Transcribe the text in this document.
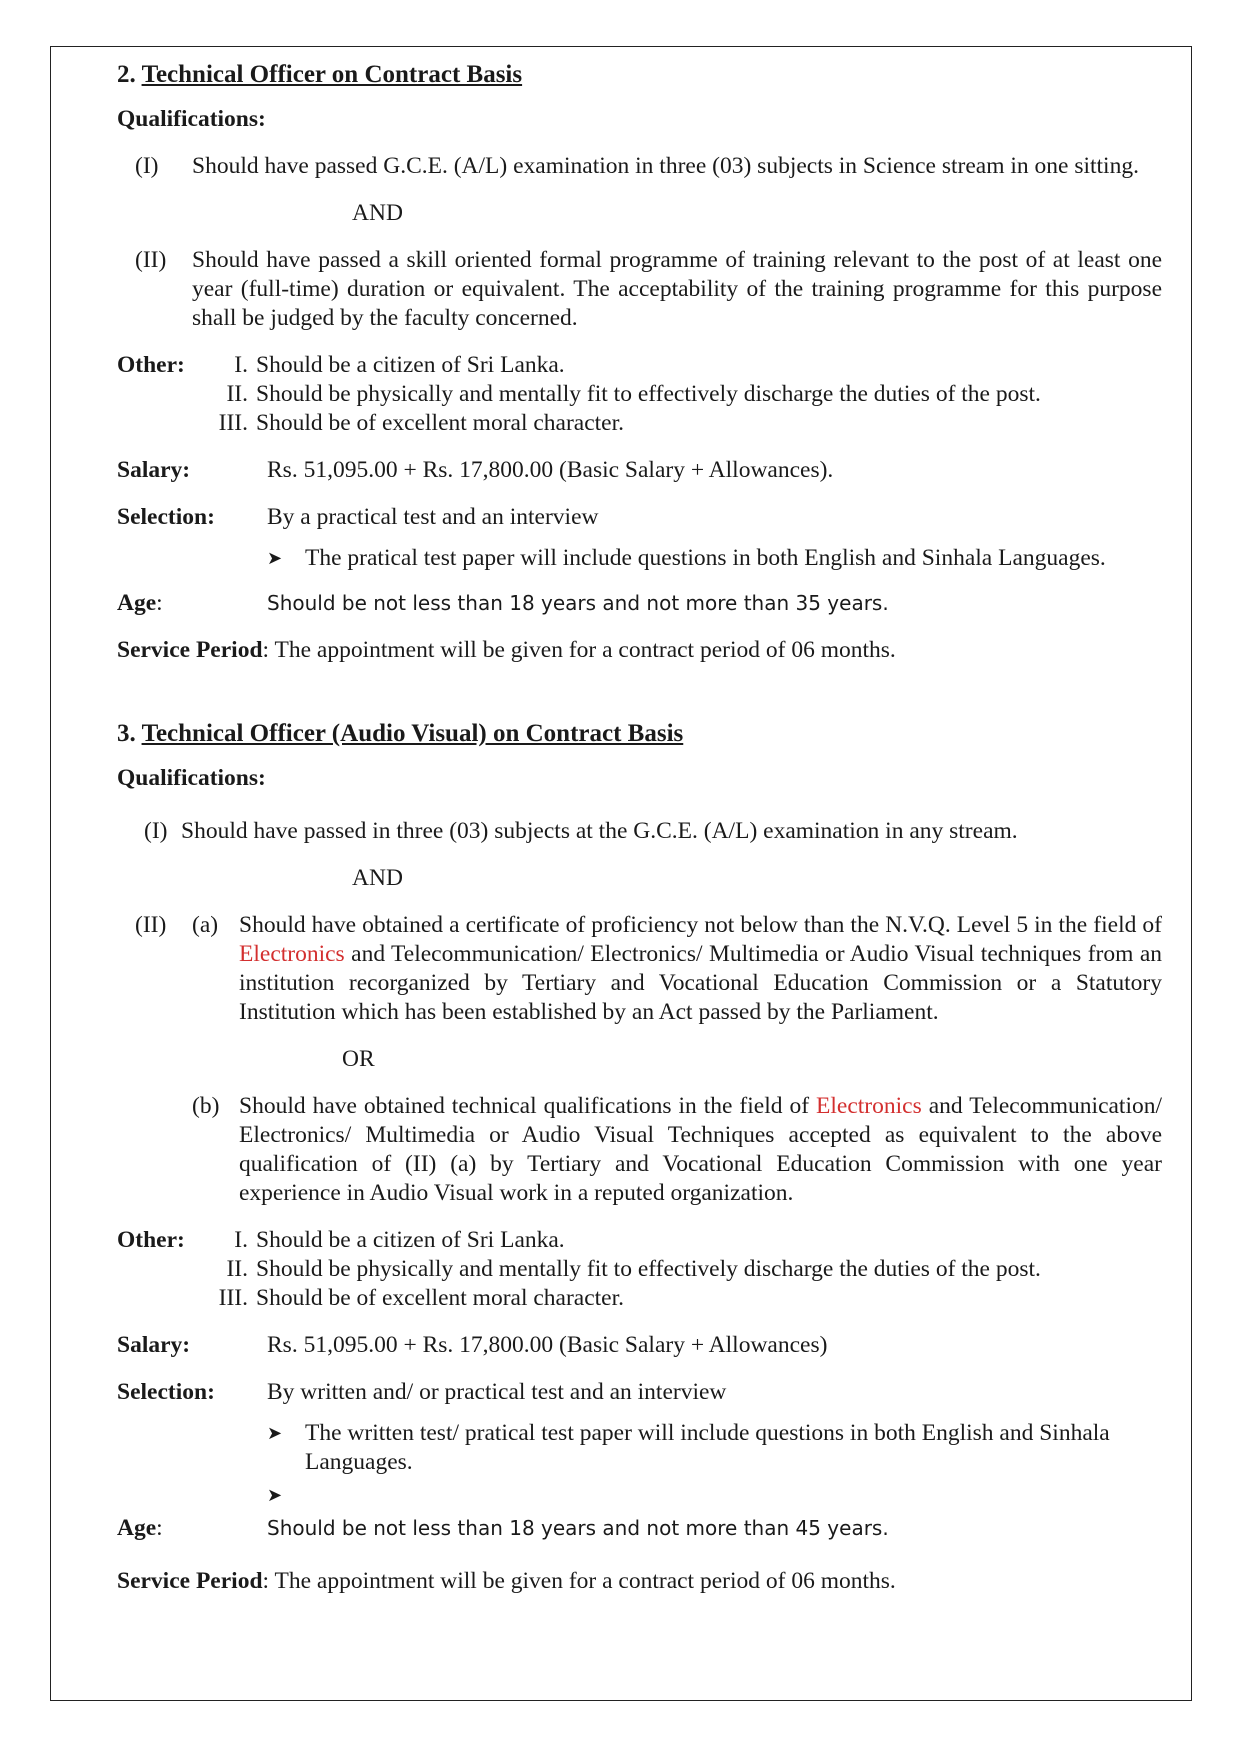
2. Technical Officer on Contract Basis
Qualifications:
(I)	Should have passed G.C.E. (A/L) examination in three (03) subjects in Science stream in one sitting.
AND
(II)	Should have passed a skill oriented formal programme of training relevant to the post of at least one year (full-time) duration or equivalent. The acceptability of the training programme for this purpose shall be judged by the faculty concerned.
Other:	I. Should be a citizen of Sri Lanka.
II. Should be physically and mentally fit to effectively discharge the duties of the post.
III. Should be of excellent moral character.
Salary:	Rs. 51,095.00 + Rs. 17,800.00 (Basic Salary + Allowances).
Selection:	By a practical test and an interview
➤ The pratical test paper will include questions in both English and Sinhala Languages.
Age:	Should be not less than 18 years and not more than 35 years.
Service Period: The appointment will be given for a contract period of 06 months.
3. Technical Officer (Audio Visual) on Contract Basis
Qualifications:
(I) Should have passed in three (03) subjects at the G.C.E. (A/L) examination in any stream.
AND
(II)	(a) Should have obtained a certificate of proficiency not below than the N.V.Q. Level 5 in the field of Electronics and Telecommunication/ Electronics/ Multimedia or Audio Visual techniques from an institution recorganized by Tertiary and Vocational Education Commission or a Statutory Institution which has been established by an Act passed by the Parliament.
OR
(b) Should have obtained technical qualifications in the field of Electronics and Telecommunication/ Electronics/ Multimedia or Audio Visual Techniques accepted as equivalent to the above qualification of (II) (a) by Tertiary and Vocational Education Commission with one year experience in Audio Visual work in a reputed organization.
Other:	I. Should be a citizen of Sri Lanka.
II. Should be physically and mentally fit to effectively discharge the duties of the post.
III. Should be of excellent moral character.
Salary:	Rs. 51,095.00 + Rs. 17,800.00 (Basic Salary + Allowances)
Selection:	By written and/ or practical test and an interview
➤ The written test/ pratical test paper will include questions in both English and Sinhala Languages.
➤
Age:	Should be not less than 18 years and not more than 45 years.
Service Period: The appointment will be given for a contract period of 06 months.
